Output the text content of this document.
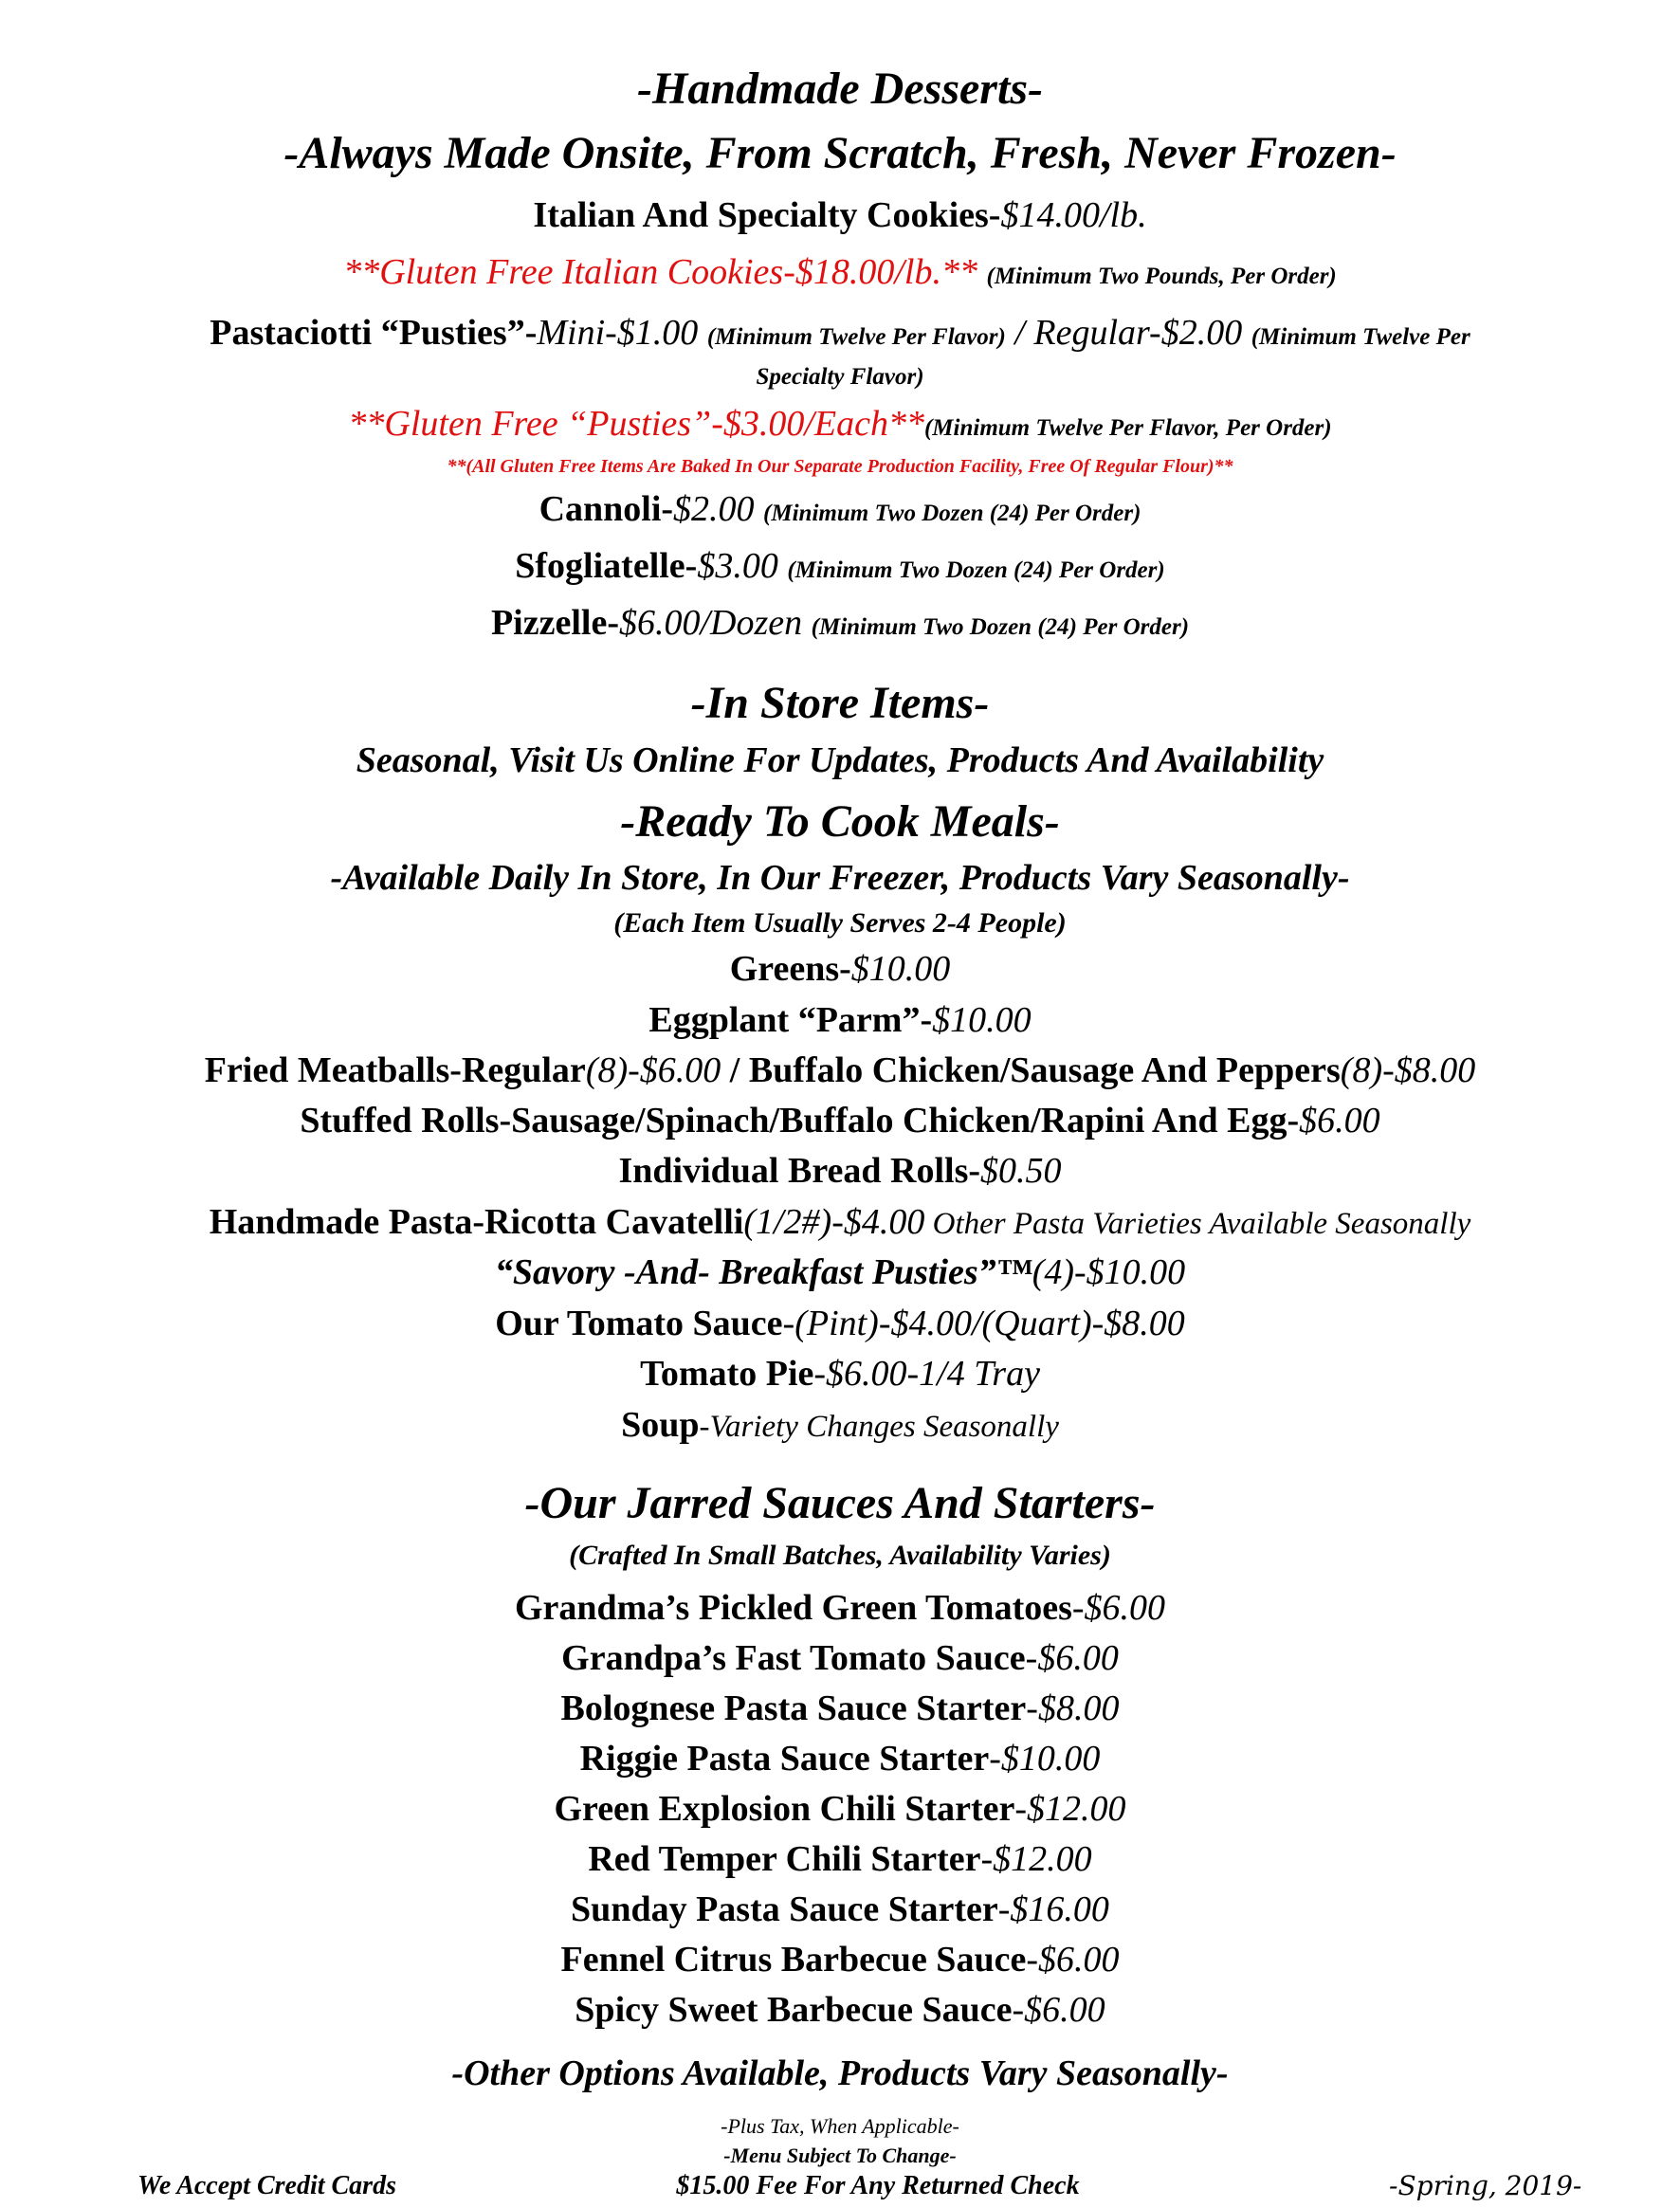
-Handmade Desserts-
-Always Made Onsite, From Scratch, Fresh, Never Frozen-
Italian And Specialty Cookies-$14.00/lb.
**Gluten Free Italian Cookies-$18.00/lb.** (Minimum Two Pounds, Per Order)
Pastaciotti “Pusties”-Mini-$1.00 (Minimum Twelve Per Flavor) / Regular-$2.00 (Minimum Twelve Per
Specialty Flavor)
**Gluten Free “Pusties”-$3.00/Each**(Minimum Twelve Per Flavor, Per Order)
**(All Gluten Free Items Are Baked In Our Separate Production Facility, Free Of Regular Flour)**
Cannoli-$2.00 (Minimum Two Dozen (24) Per Order)
Sfogliatelle-$3.00 (Minimum Two Dozen (24) Per Order)
Pizzelle-$6.00/Dozen (Minimum Two Dozen (24) Per Order)
-In Store Items-
Seasonal, Visit Us Online For Updates, Products And Availability
-Ready To Cook Meals-
-Available Daily In Store, In Our Freezer, Products Vary Seasonally-
(Each Item Usually Serves 2-4 People)
Greens-$10.00
Eggplant “Parm”-$10.00
Fried Meatballs-Regular(8)-$6.00 / Buffalo Chicken/Sausage And Peppers(8)-$8.00
Stuffed Rolls-Sausage/Spinach/Buffalo Chicken/Rapini And Egg-$6.00
Individual Bread Rolls-$0.50
Handmade Pasta-Ricotta Cavatelli(1/2#)-$4.00 Other Pasta Varieties Available Seasonally
“Savory -And- Breakfast Pusties”™(4)-$10.00
Our Tomato Sauce-(Pint)-$4.00/(Quart)-$8.00
Tomato Pie-$6.00-1/4 Tray
Soup-Variety Changes Seasonally
-Our Jarred Sauces And Starters-
(Crafted In Small Batches, Availability Varies)
Grandma’s Pickled Green Tomatoes-$6.00
Grandpa’s Fast Tomato Sauce-$6.00
Bolognese Pasta Sauce Starter-$8.00
Riggie Pasta Sauce Starter-$10.00
Green Explosion Chili Starter-$12.00
Red Temper Chili Starter-$12.00
Sunday Pasta Sauce Starter-$16.00
Fennel Citrus Barbecue Sauce-$6.00
Spicy Sweet Barbecue Sauce-$6.00
-Other Options Available, Products Vary Seasonally-
-Plus Tax, When Applicable-
-Menu Subject To Change-
We Accept Credit Cards	$15.00 Fee For Any Returned Check	-Spring, 2019-
